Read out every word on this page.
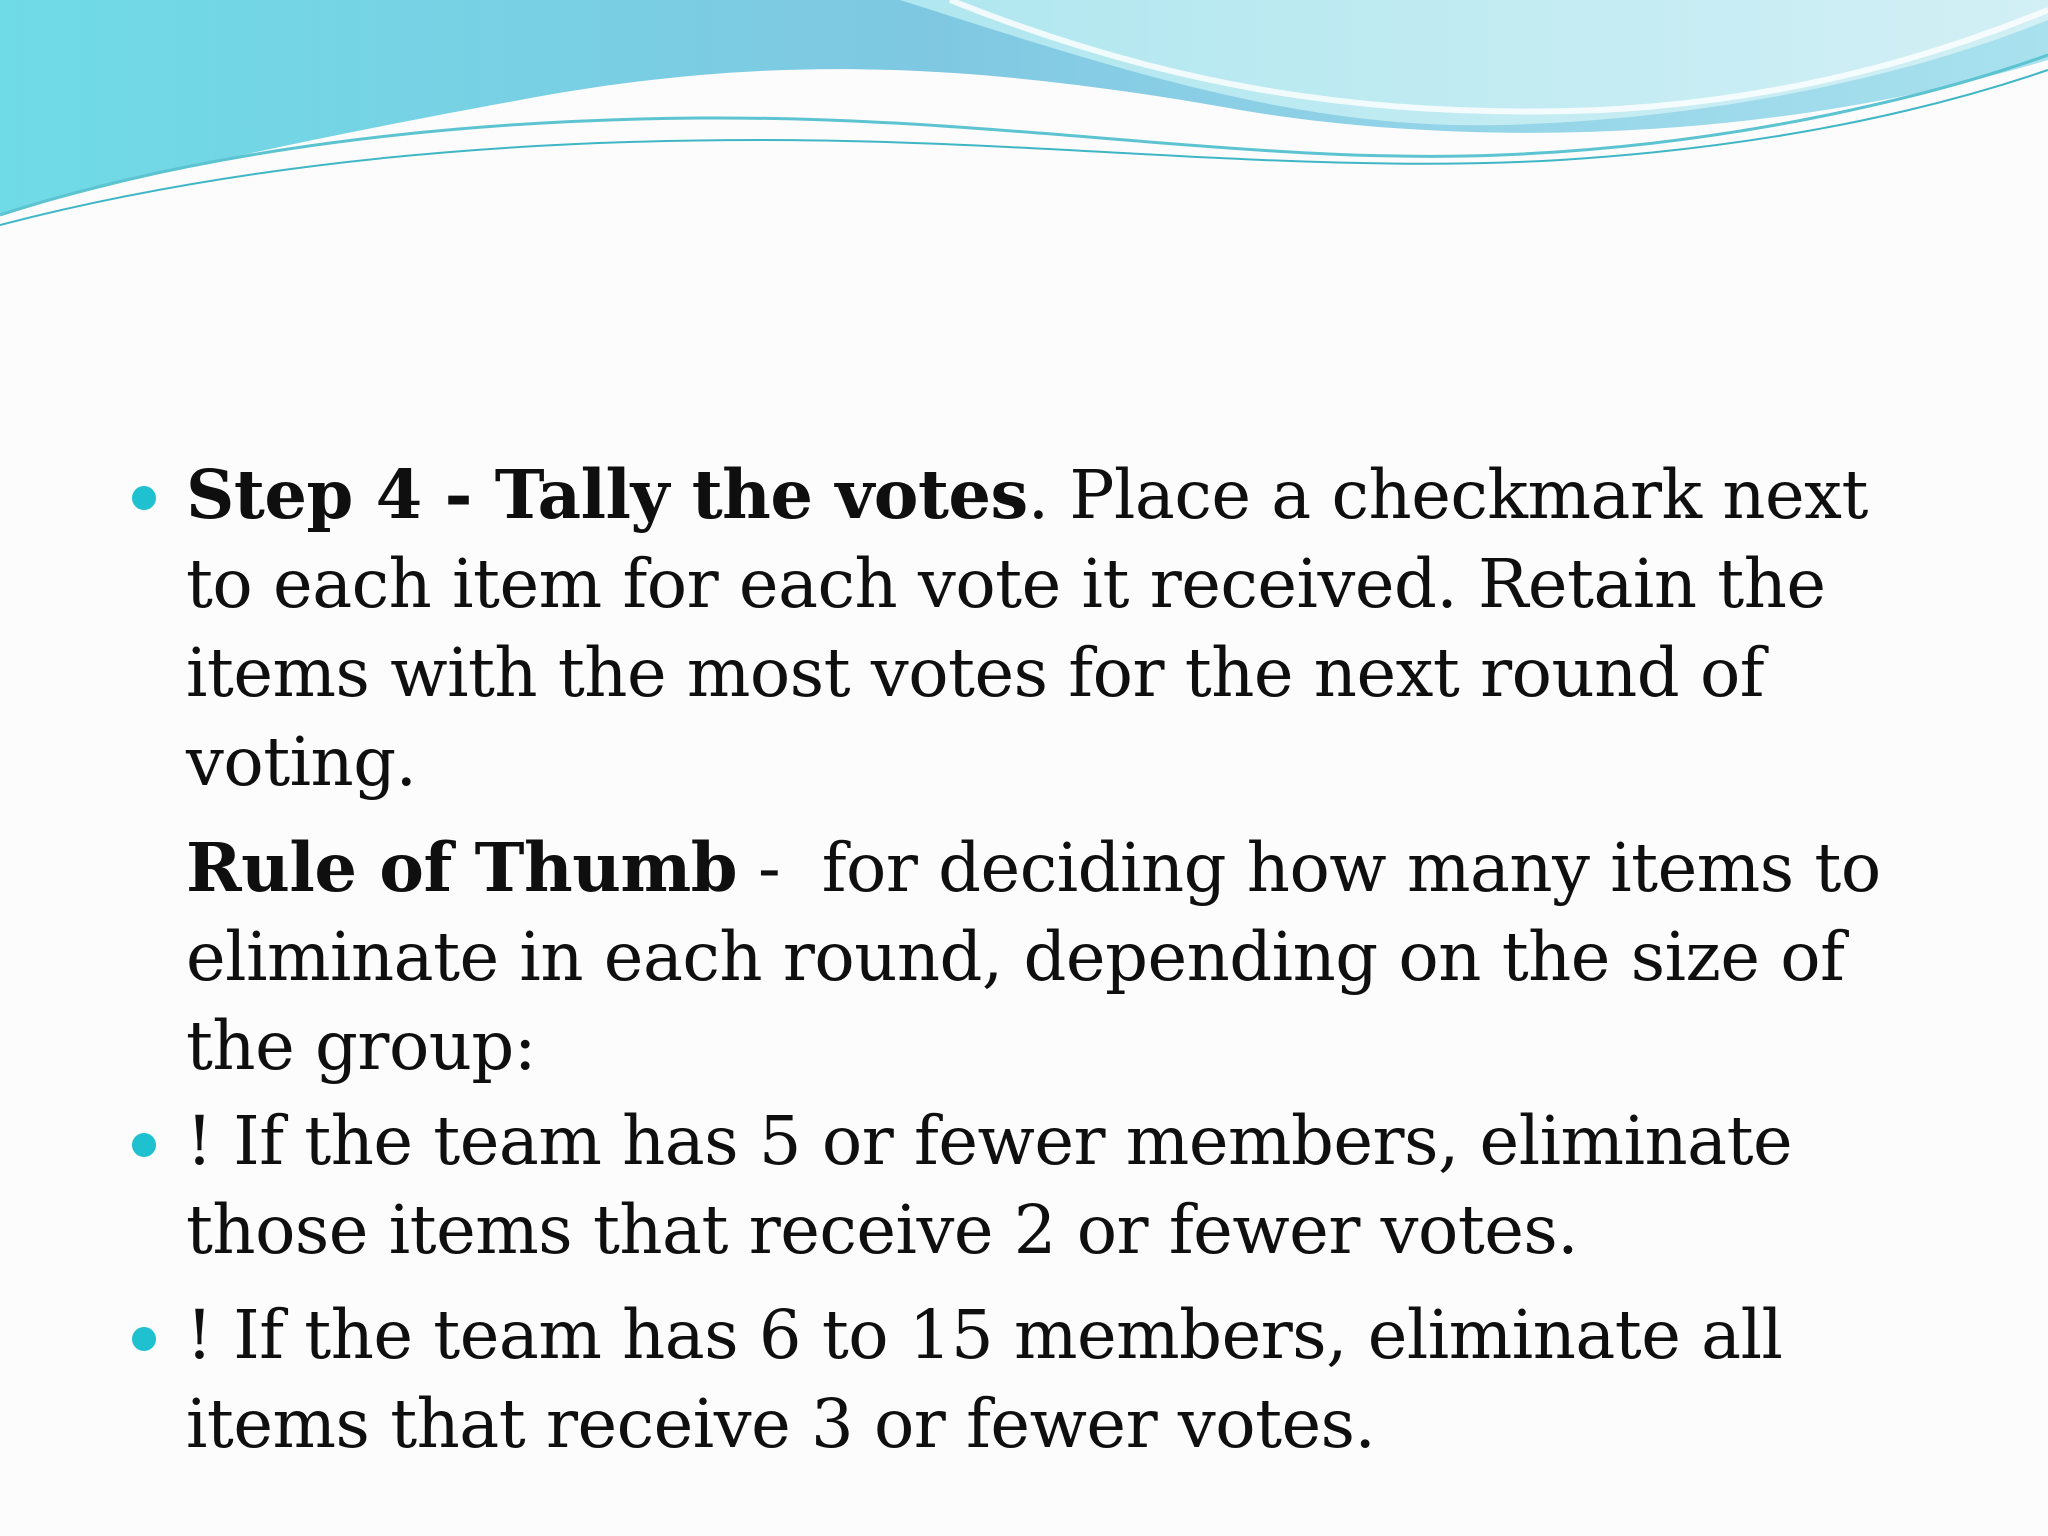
Step 4 - Tally the votes. Place a checkmark next to each item for each vote it received. Retain the items with the most votes for the next round of voting.
Rule of Thumb -  for deciding how many items to eliminate in each round, depending on the size of the group:
! If the team has 5 or fewer members, eliminate those items that receive 2 or fewer votes.
! If the team has 6 to 15 members, eliminate all items that receive 3 or fewer votes.
